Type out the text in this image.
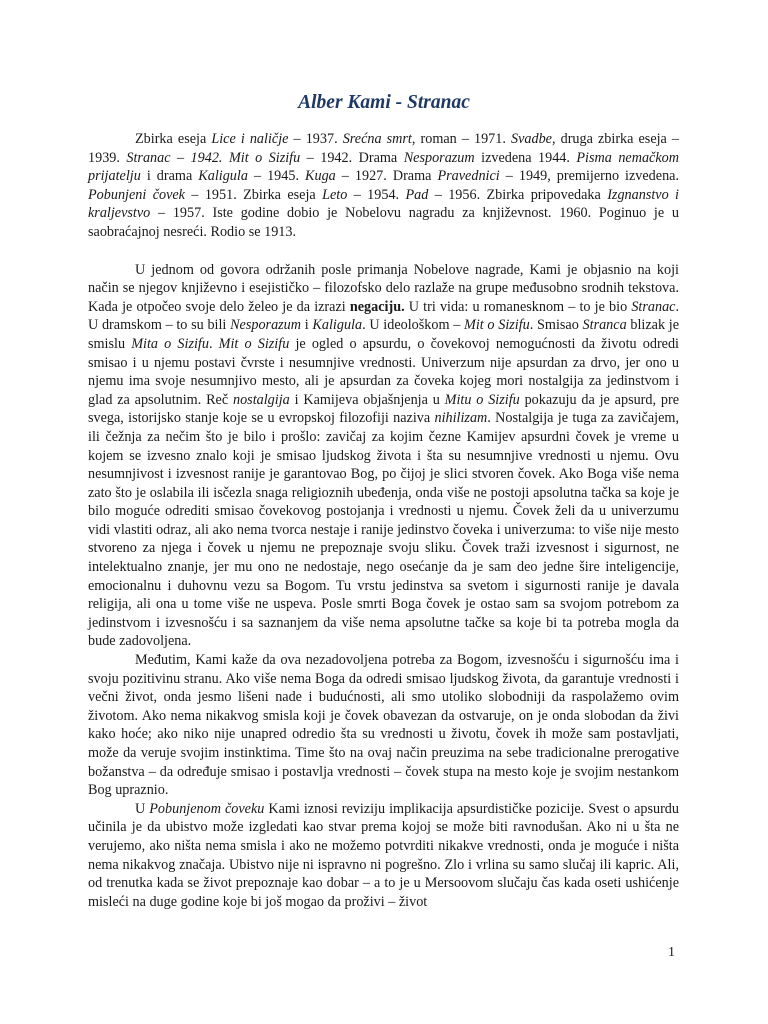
Alber Kami - Stranac

Zbirka eseja Lice i naličje – 1937. Srećna smrt, roman – 1971. Svadbe, druga zbirka eseja – 1939. Stranac – 1942. Mit o Sizifu – 1942. Drama Nesporazum izvedena 1944. Pisma nemačkom prijatelju i drama Kaligula – 1945. Kuga – 1927. Drama Pravednici – 1949, premijerno izvedena. Pobunjeni čovek – 1951. Zbirka eseja Leto – 1954. Pad – 1956. Zbirka pripovedaka Izgnanstvo i kraljevstvo – 1957. Iste godine dobio je Nobelovu nagradu za književnost. 1960. Poginuo je u saobraćajnoj nesreći. Rodio se 1913.

U jednom od govora održanih posle primanja Nobelove nagrade, Kami je objasnio na koji način se njegov književno i esejističko – filozofsko delo razlaže na grupe međusobno srodnih tekstova. Kada je otpočeo svoje delo želeo je da izrazi negaciju. U tri vida: u romanesknom – to je bio Stranac. U dramskom – to su bili Nesporazum i Kaligula. U ideološkom – Mit o Sizifu. Smisao Stranca blizak je smislu Mita o Sizifu. Mit o Sizifu je ogled o apsurdu, o čovekovoj nemogućnosti da životu odredi smisao i u njemu postavi čvrste i nesumnjive vrednosti. Univerzum nije apsurdan za drvo, jer ono u njemu ima svoje nesumnjivo mesto, ali je apsurdan za čoveka kojeg mori nostalgija za jedinstvom i glad za apsolutnim. Reč nostalgija i Kamijeva objašnjenja u Mitu o Sizifu pokazuju da je apsurd, pre svega, istorijsko stanje koje se u evropskoj filozofiji naziva nihilizam. Nostalgija je tuga za zavičajem, ili čežnja za nečim što je bilo i prošlo: zavičaj za kojim čezne Kamijev apsurdni čovek je vreme u kojem se izvesno znalo koji je smisao ljudskog života i šta su nesumnjive vrednosti u njemu. Ovu nesumnjivost i izvesnost ranije je garantovao Bog, po čijoj je slici stvoren čovek. Ako Boga više nema zato što je oslabila ili isčezla snaga religioznih ubeđenja, onda više ne postoji apsolutna tačka sa koje je bilo moguće odrediti smisao čovekovog postojanja i vrednosti u njemu. Čovek želi da u univerzumu vidi vlastiti odraz, ali ako nema tvorca nestaje i ranije jedinstvo čoveka i univerzuma: to više nije mesto stvoreno za njega i čovek u njemu ne prepoznaje svoju sliku. Čovek traži izvesnost i sigurnost, ne intelektualno znanje, jer mu ono ne nedostaje, nego osećanje da je sam deo jedne šire inteligencije, emocionalnu i duhovnu vezu sa Bogom. Tu vrstu jedinstva sa svetom i sigurnosti ranije je davala religija, ali ona u tome više ne uspeva. Posle smrti Boga čovek je ostao sam sa svojom potrebom za jedinstvom i izvesnošću i sa saznanjem da više nema apsolutne tačke sa koje bi ta potreba mogla da bude zadovoljena.

Međutim, Kami kaže da ova nezadovoljena potreba za Bogom, izvesnošću i sigurnošću ima i svoju pozitivinu stranu. Ako više nema Boga da odredi smisao ljudskog života, da garantuje vrednosti i večni život, onda jesmo lišeni nade i budućnosti, ali smo utoliko slobodniji da raspolažemo ovim životom. Ako nema nikakvog smisla koji je čovek obavezan da ostvaruje, on je onda slobodan da živi kako hoće; ako niko nije unapred odredio šta su vrednosti u životu, čovek ih može sam postavljati, može da veruje svojim instinktima. Time što na ovaj način preuzima na sebe tradicionalne prerogative božanstva – da određuje smisao i postavlja vrednosti – čovek stupa na mesto koje je svojim nestankom Bog upraznio.

U Pobunjenom čoveku Kami iznosi reviziju implikacija apsurdističke pozicije. Svest o apsurdu učinila je da ubistvo može izgledati kao stvar prema kojoj se može biti ravnodušan. Ako ni u šta ne verujemo, ako ništa nema smisla i ako ne možemo potvrditi nikakve vrednosti, onda je moguće i ništa nema nikakvog značaja. Ubistvo nije ni ispravno ni pogrešno. Zlo i vrlina su samo slučaj ili kapric. Ali, od trenutka kada se život prepoznaje kao dobar – a to je u Mersoovom slučaju čas kada oseti ushićenje misleći na duge godine koje bi još mogao da proživi – život

1
